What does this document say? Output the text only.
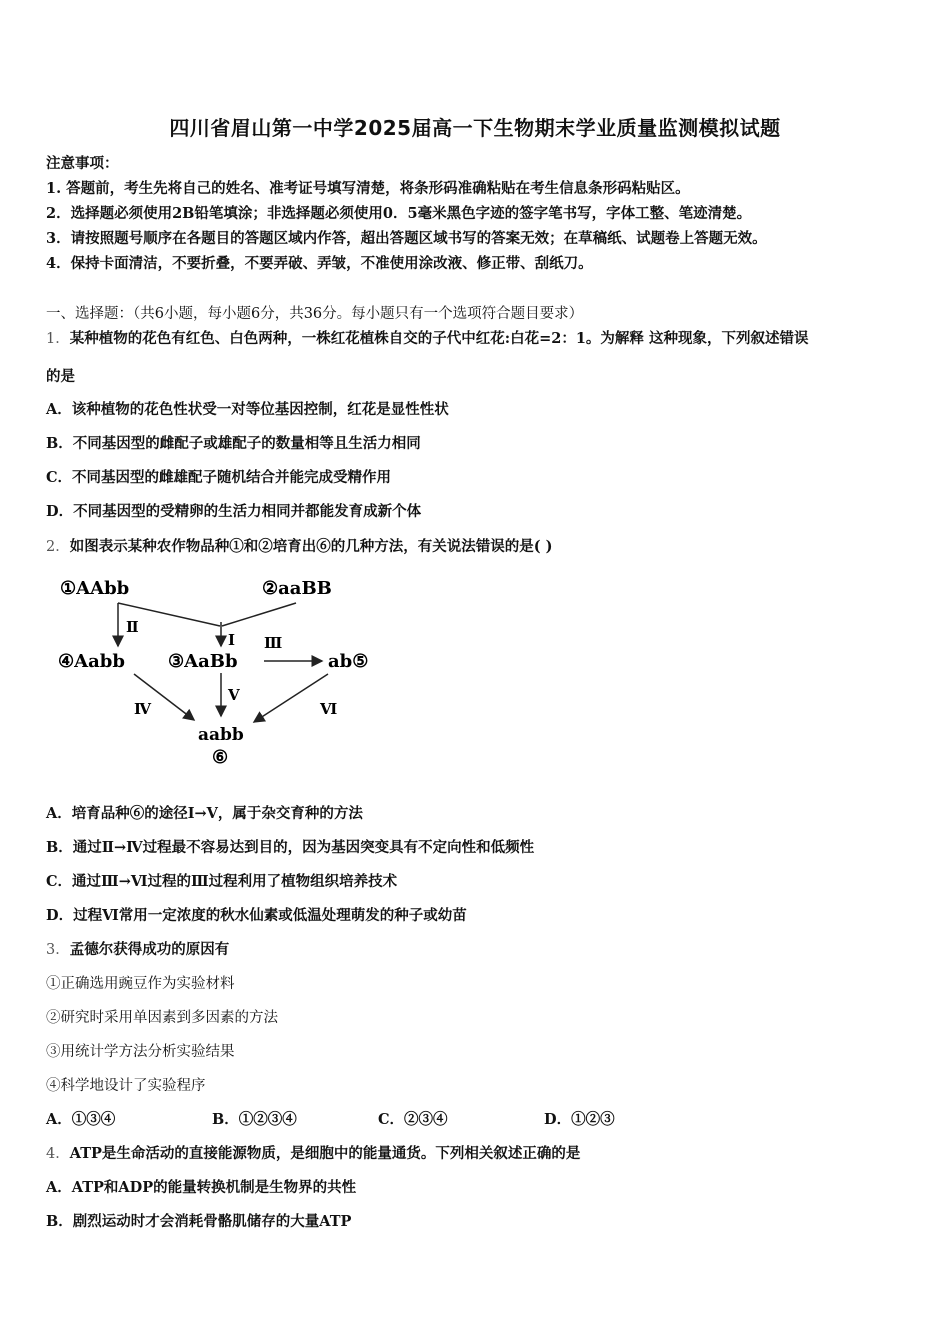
四川省眉山第一中学2025届高一下生物期末学业质量监测模拟试题
注意事项：
1. 答题前，考生先将自己的姓名、准考证号填写清楚，将条形码准确粘贴在考生信息条形码粘贴区。
2．选择题必须使用2B铅笔填涂；非选择题必须使用0．5毫米黑色字迹的签字笔书写，字体工整、笔迹清楚。
3．请按照题号顺序在各题目的答题区域内作答，超出答题区域书写的答案无效；在草稿纸、试题卷上答题无效。
4．保持卡面清洁，不要折叠，不要弄破、弄皱，不准使用涂改液、修正带、刮纸刀。
一、选择题：（共6小题，每小题6分，共36分。每小题只有一个选项符合题目要求）
1．某种植物的花色有红色、白色两种，一株红花植株自交的子代中红花:白花=2：1。为解释 这种现象，下列叙述错误
的是
A．该种植物的花色性状受一对等位基因控制，红花是显性性状
B．不同基因型的雌配子或雄配子的数量相等且生活力相同
C．不同基因型的雌雄配子随机结合并能完成受精作用
D．不同基因型的受精卵的生活力相同并都能发育成新个体
2．如图表示某种农作物品种①和②培育出⑥的几种方法，有关说法错误的是( )
①AAbb	②aaBB
④Aabb ③AaBb	ab⑤
aabb
⑥
Ⅱ
Ⅰ Ⅲ
Ⅳ
Ⅴ
Ⅵ
A．培育品种⑥的途径Ⅰ→Ⅴ，属于杂交育种的方法
B．通过Ⅱ→Ⅳ过程最不容易达到目的，因为基因突变具有不定向性和低频性
C．通过Ⅲ→Ⅵ过程的Ⅲ过程利用了植物组织培养技术
D．过程Ⅵ常用一定浓度的秋水仙素或低温处理萌发的种子或幼苗
3．孟德尔获得成功的原因有
①正确选用豌豆作为实验材料
②研究时采用单因素到多因素的方法
③用统计学方法分析实验结果
④科学地设计了实验程序
A．①③④	B．①②③④	C．②③④	D．①②③
4．ATP是生命活动的直接能源物质，是细胞中的能量通货。下列相关叙述正确的是
A．ATP和ADP的能量转换机制是生物界的共性
B．剧烈运动时才会消耗骨骼肌储存的大量ATP
